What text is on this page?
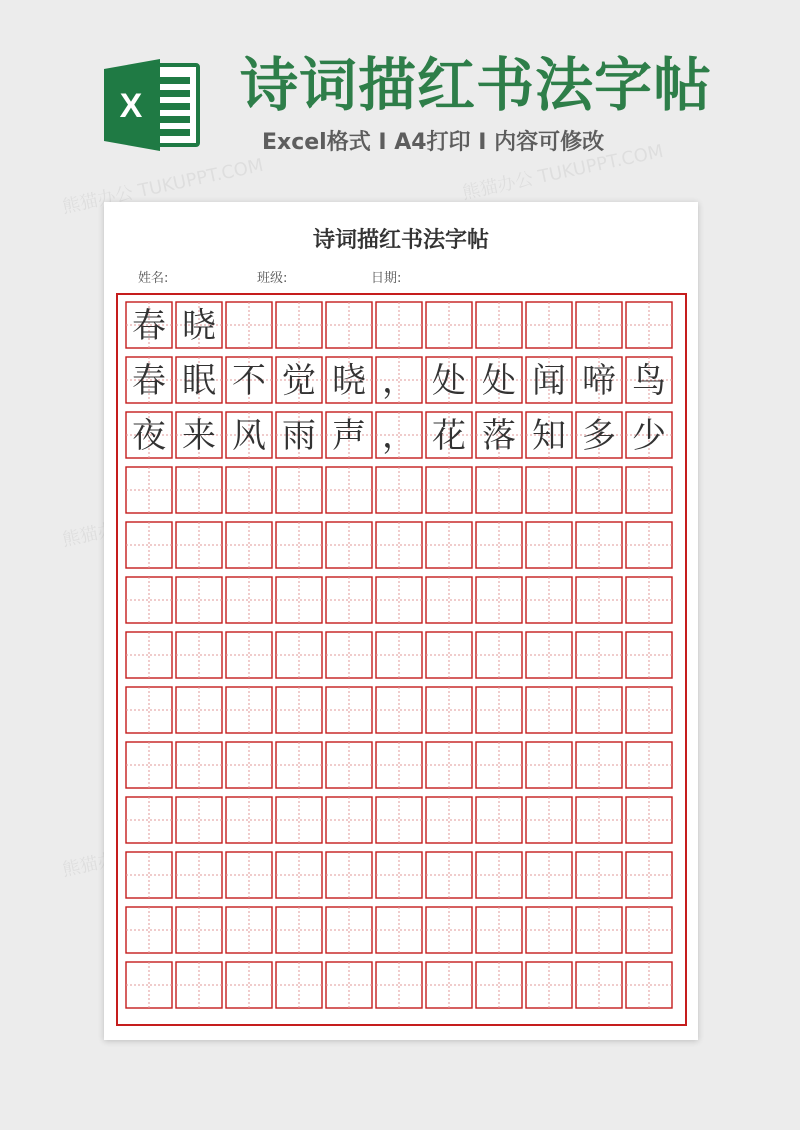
X 诗词描红书法字帖
Excel格式 I A4打印 I 内容可修改
熊猫办公 TUKUPPT.COM	熊猫办公 TUKUPPT.COM
熊猫办公
熊猫办公
诗词描红书法字帖
姓名:	班级:	日期:
春 晓
春 眠 不 觉 晓 ， 处 处 闻 啼 鸟
夜 来 风 雨 声 ， 花 落 知 多 少
